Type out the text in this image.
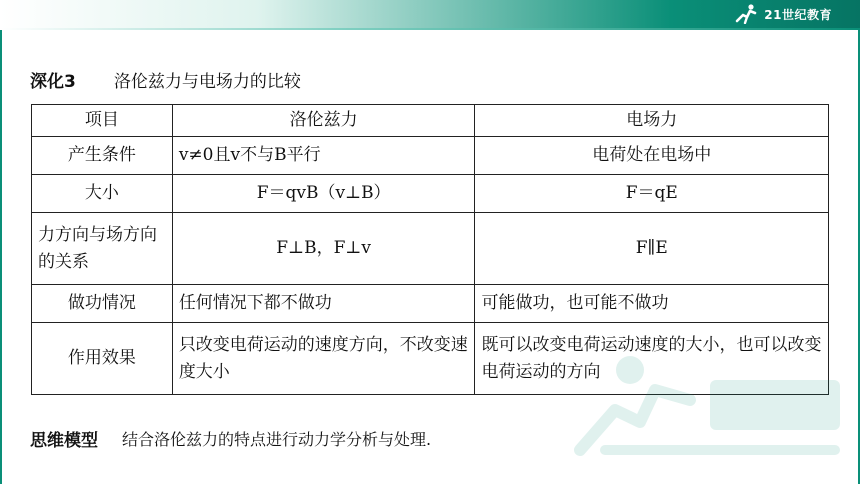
21世纪教育
深化3 洛伦兹力与电场力的比较
项目	洛伦兹力	电场力
产生条件	v≠0且v不与B平行	电荷处在电场中
大小	F＝qvB（v⊥B）	F＝qE
力方向与场方向的关系	F⊥B，F⊥v	F∥E
做功情况	任何情况下都不做功	可能做功，也可能不做功
作用效果	只改变电荷运动的速度方向，不改变速度大小	既可以改变电荷运动速度的大小，也可以改变电荷运动的方向
思维模型 结合洛伦兹力的特点进行动力学分析与处理.
